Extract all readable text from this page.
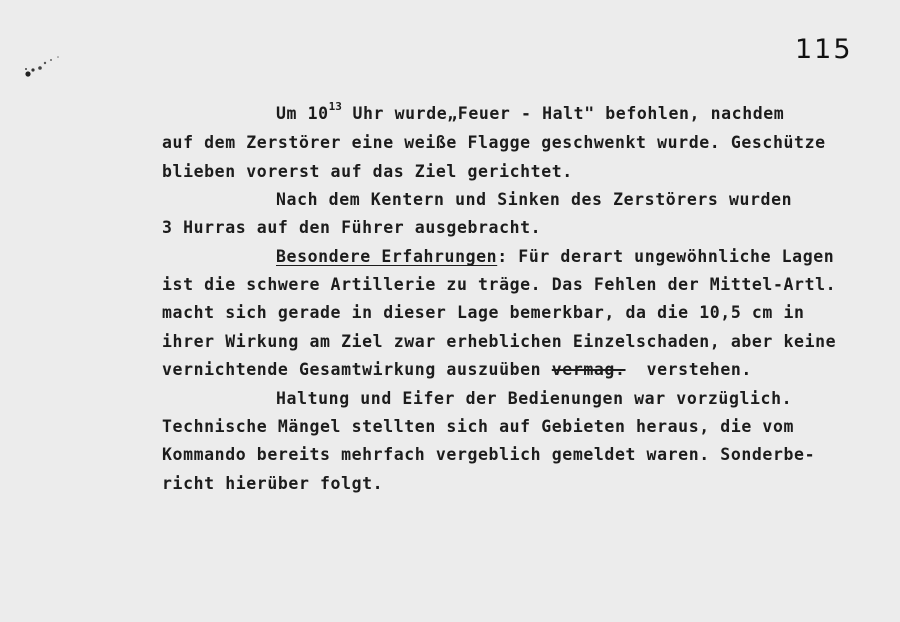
115
Um $10^{13}$ Uhr wurde„Feuer - Halt" befohlen, nachdem
auf dem Zerstörer eine weiße Flagge geschwenkt wurde. Geschütze
blieben vorerst auf das Ziel gerichtet.
Nach dem Kentern und Sinken des Zerstörers wurden
3 Hurras auf den Führer ausgebracht.
Besondere Erfahrungen: Für derart ungewöhnliche Lagen
ist die schwere Artillerie zu träge. Das Fehlen der Mittel-Artl.
macht sich gerade in dieser Lage bemerkbar, da die 10,5 cm in
ihrer Wirkung am Ziel zwar erheblichen Einzelschaden, aber keine
vernichtende Gesamtwirkung auszuüben vermag.  verstehen.
Haltung und Eifer der Bedienungen war vorzüglich.
Technische Mängel stellten sich auf Gebieten heraus, die vom
Kommando bereits mehrfach vergeblich gemeldet waren. Sonderbe-
richt hierüber folgt.
